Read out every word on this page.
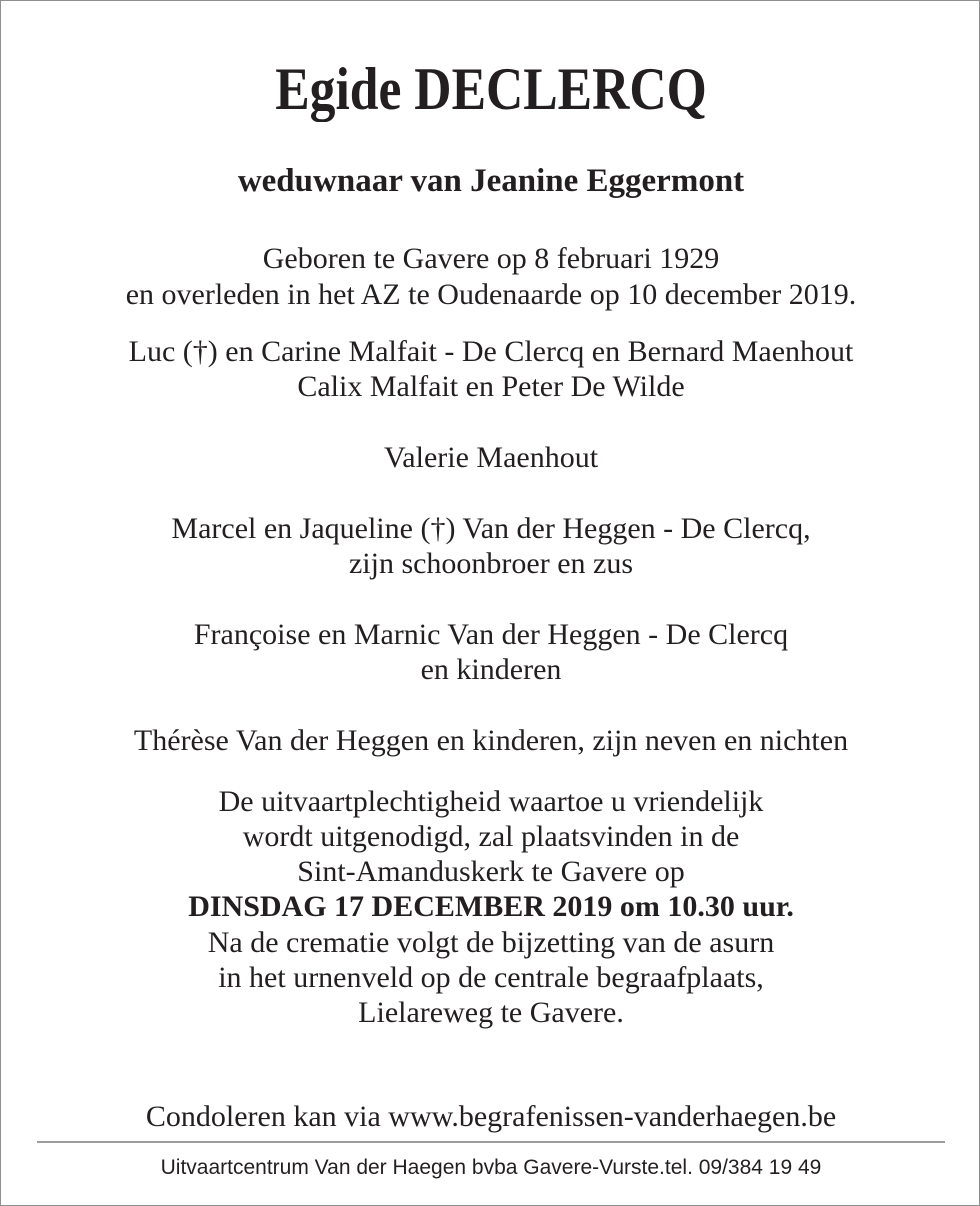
Egide DECLERCQ
weduwnaar van Jeanine Eggermont
Geboren te Gavere op 8 februari 1929
en overleden in het AZ te Oudenaarde op 10 december 2019.
Luc (†) en Carine Malfait - De Clercq en Bernard Maenhout
Calix Malfait en Peter De Wilde
Valerie Maenhout
Marcel en Jaqueline (†) Van der Heggen - De Clercq,
zijn schoonbroer en zus
Françoise en Marnic Van der Heggen - De Clercq
en kinderen
Thérèse Van der Heggen en kinderen, zijn neven en nichten
De uitvaartplechtigheid waartoe u vriendelijk
wordt uitgenodigd, zal plaatsvinden in de
Sint-Amanduskerk te Gavere op
DINSDAG 17 DECEMBER 2019 om 10.30 uur.
Na de crematie volgt de bijzetting van de asurn
in het urnenveld op de centrale begraafplaats,
Lielareweg te Gavere.
Condoleren kan via www.begrafenissen-vanderhaegen.be
Uitvaartcentrum Van der Haegen bvba Gavere-Vurste.tel. 09/384 19 49
